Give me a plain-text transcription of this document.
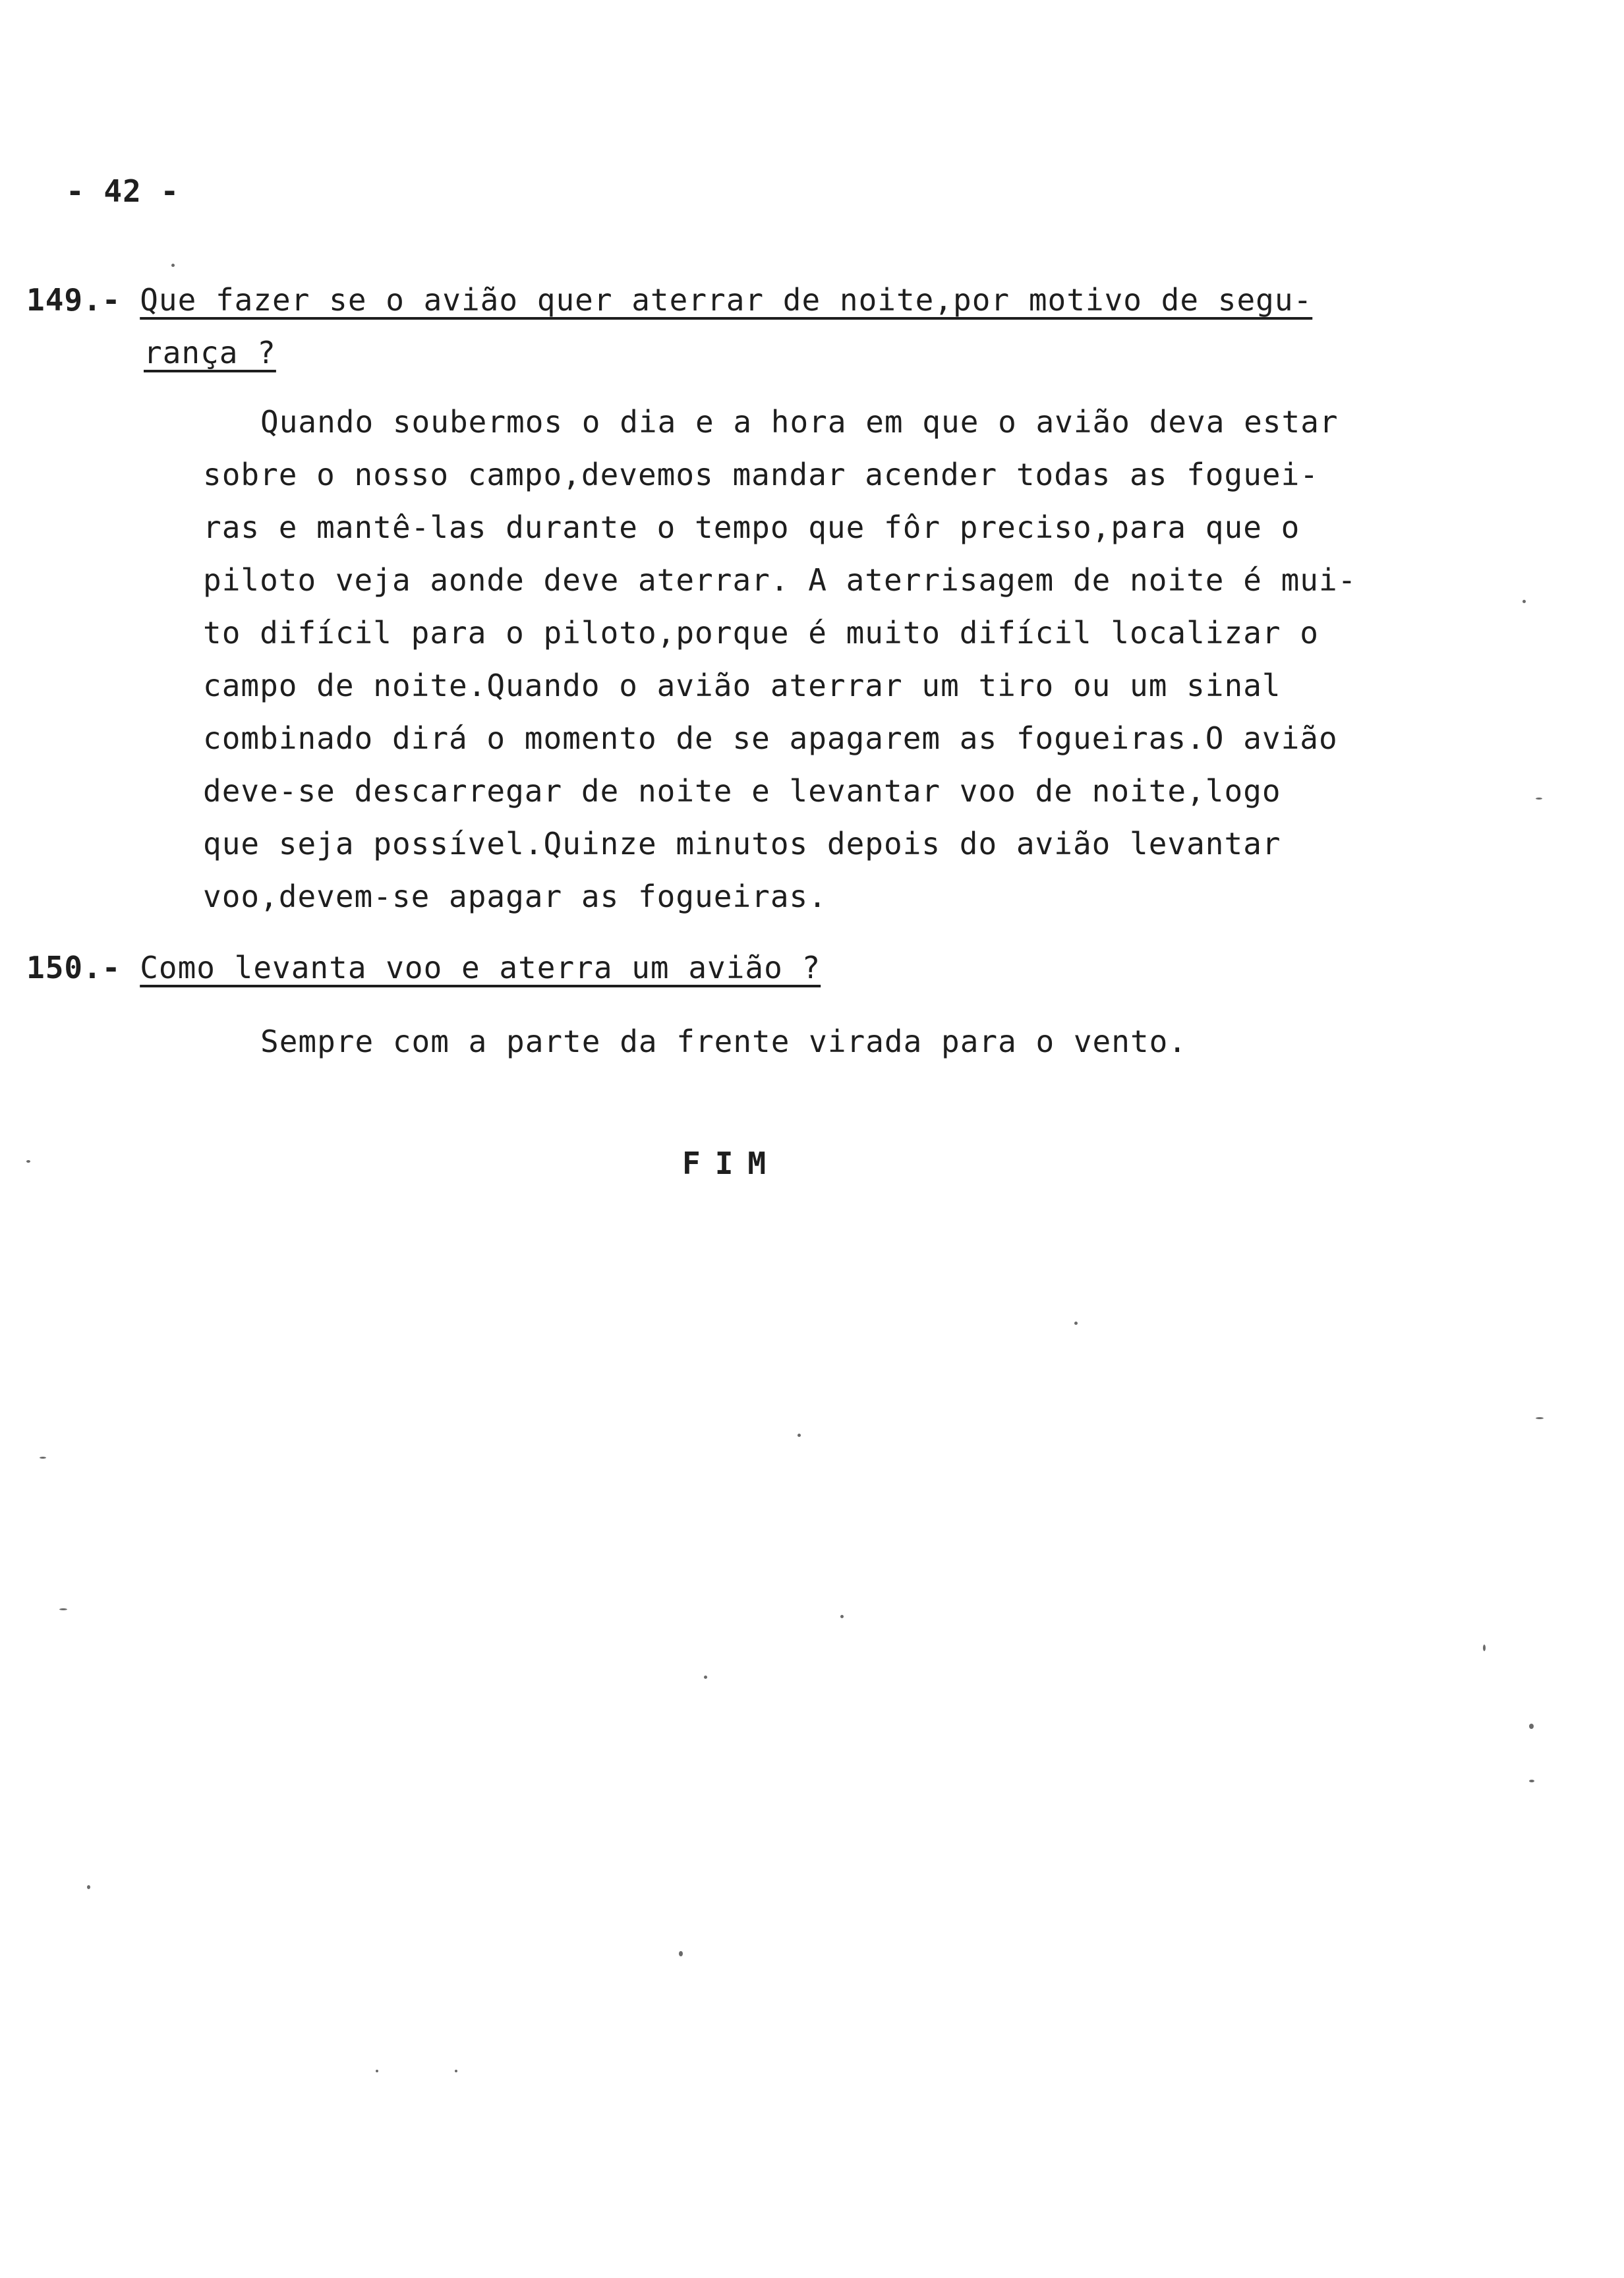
- 42 -
149.- Que fazer se o avião quer aterrar de noite,por motivo de segu-
rança ?
Quando soubermos o dia e a hora em que o avião deva estar
sobre o nosso campo,devemos mandar acender todas as foguei-
ras e mantê-las durante o tempo que fôr preciso,para que o
piloto veja aonde deve aterrar. A aterrisagem de noite é mui-
to difícil para o piloto,porque é muito difícil localizar o
campo de noite.Quando o avião aterrar um tiro ou um sinal
combinado dirá o momento de se apagarem as fogueiras.O avião
deve-se descarregar de noite e levantar voo de noite,logo
que seja possível.Quinze minutos depois do avião levantar
voo,devem-se apagar as fogueiras.
150.- Como levanta voo e aterra um avião ?
Sempre com a parte da frente virada para o vento.
FIM
